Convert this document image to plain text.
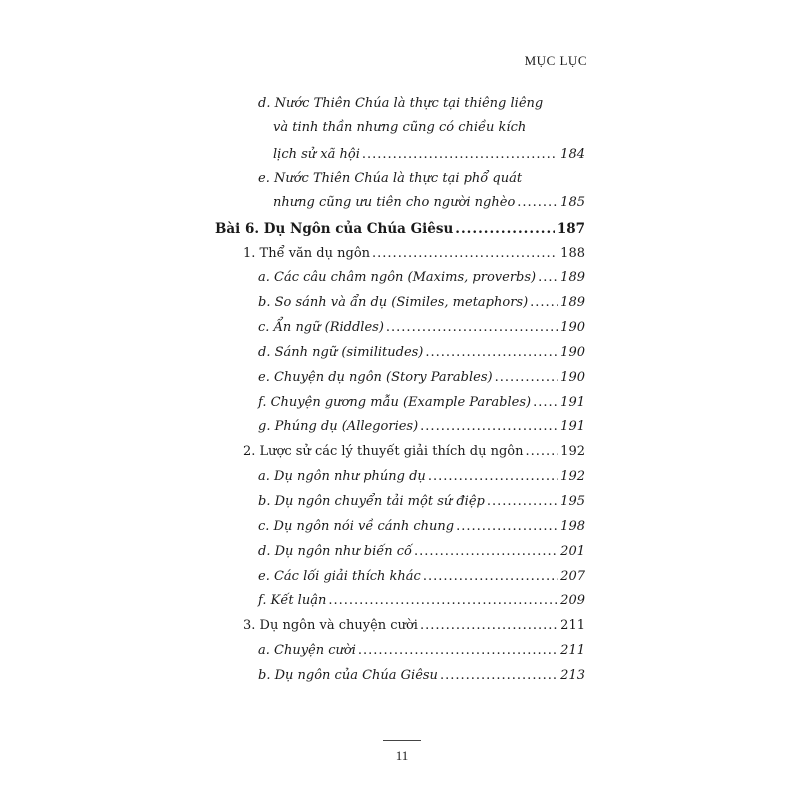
MỤC LỤC
d. Nước Thiên Chúa là thực tại thiêng liêng
và tinh thần nhưng cũng có chiều kích
lịch sử xã hội .....	184
e. Nước Thiên Chúa là thực tại phổ quát
nhưng cũng ưu tiên cho người nghèo .....	185
Bài 6. Dụ Ngôn của Chúa Giêsu .....	187
1. Thể văn dụ ngôn .....	188
a. Các câu châm ngôn (Maxims, proverbs) ..... 189
b. So sánh và ẩn dụ (Similes, metaphors) ..... 189
c. Ẩn ngữ (Riddles) .....	190
d. Sánh ngữ (similitudes) .....	190
e. Chuyện dụ ngôn (Story Parables) .....	190
f. Chuyện gương mẫu (Example Parables) ..... 191
g. Phúng dụ (Allegories) .....	191
2. Lược sử các lý thuyết giải thích dụ ngôn .....	192
a. Dụ ngôn như phúng dụ .....	192
b. Dụ ngôn chuyển tải một sứ điệp .....	195
c. Dụ ngôn nói về cánh chung .....	198
d. Dụ ngôn như biến cố .....	201
e. Các lối giải thích khác .....	207
f. Kết luận .....	209
3. Dụ ngôn và chuyện cười .....	211
a. Chuyện cười .....	211
b. Dụ ngôn của Chúa Giêsu .....	213
11
